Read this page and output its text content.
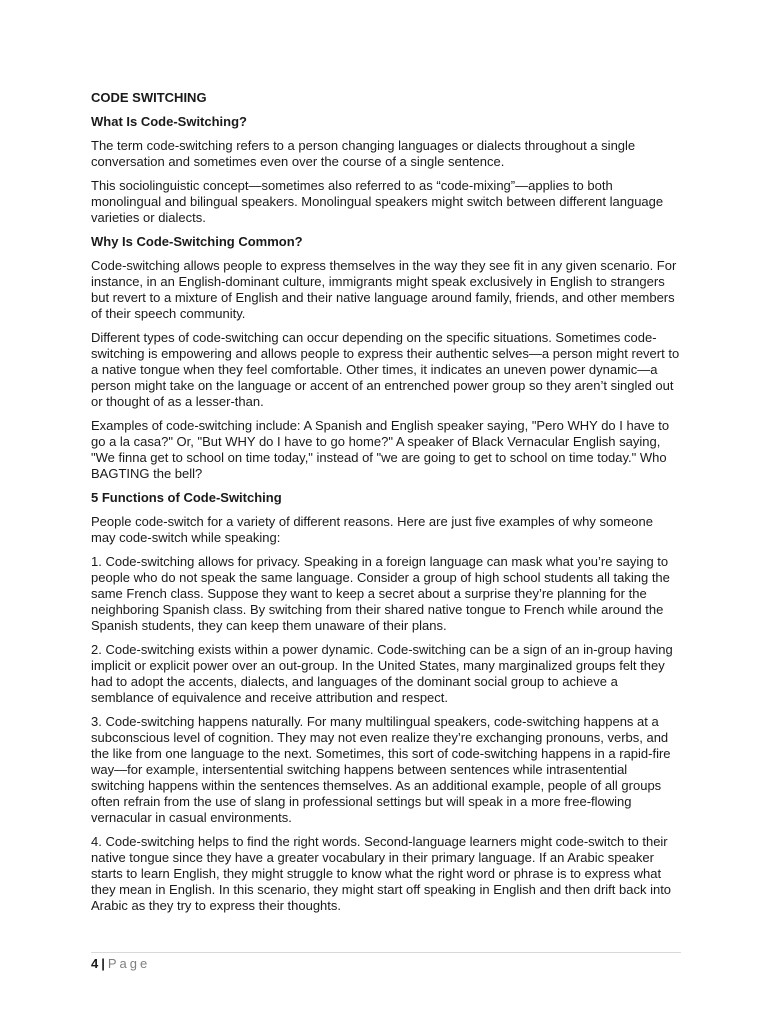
CODE SWITCHING
What Is Code-Switching?

The term code-switching refers to a person changing languages or dialects throughout a single conversation and sometimes even over the course of a single sentence.

This sociolinguistic concept—sometimes also referred to as “code-mixing”—applies to both monolingual and bilingual speakers. Monolingual speakers might switch between different language varieties or dialects.

Why Is Code-Switching Common?

Code-switching allows people to express themselves in the way they see fit in any given scenario. For instance, in an English-dominant culture, immigrants might speak exclusively in English to strangers but revert to a mixture of English and their native language around family, friends, and other members of their speech community.

Different types of code-switching can occur depending on the specific situations. Sometimes code-switching is empowering and allows people to express their authentic selves—a person might revert to a native tongue when they feel comfortable. Other times, it indicates an uneven power dynamic—a person might take on the language or accent of an entrenched power group so they aren’t singled out or thought of as a lesser-than.

Examples of code-switching include: A Spanish and English speaker saying, "Pero WHY do I have to go a la casa?" Or, "But WHY do I have to go home?" A speaker of Black Vernacular English saying, "We finna get to school on time today," instead of "we are going to get to school on time today." Who BAGTING the bell?

5 Functions of Code-Switching

People code-switch for a variety of different reasons. Here are just five examples of why someone may code-switch while speaking:

1. Code-switching allows for privacy. Speaking in a foreign language can mask what you’re saying to people who do not speak the same language. Consider a group of high school students all taking the same French class. Suppose they want to keep a secret about a surprise they’re planning for the neighboring Spanish class. By switching from their shared native tongue to French while around the Spanish students, they can keep them unaware of their plans.

2. Code-switching exists within a power dynamic. Code-switching can be a sign of an in-group having implicit or explicit power over an out-group. In the United States, many marginalized groups felt they had to adopt the accents, dialects, and languages of the dominant social group to achieve a semblance of equivalence and receive attribution and respect.

3. Code-switching happens naturally. For many multilingual speakers, code-switching happens at a subconscious level of cognition. They may not even realize they’re exchanging pronouns, verbs, and the like from one language to the next. Sometimes, this sort of code-switching happens in a rapid-fire way—for example, intersentential switching happens between sentences while intrasentential switching happens within the sentences themselves. As an additional example, people of all groups often refrain from the use of slang in professional settings but will speak in a more free-flowing vernacular in casual environments.

4. Code-switching helps to find the right words. Second-language learners might code-switch to their native tongue since they have a greater vocabulary in their primary language. If an Arabic speaker starts to learn English, they might struggle to know what the right word or phrase is to express what they mean in English. In this scenario, they might start off speaking in English and then drift back into Arabic as they try to express their thoughts.

4 | Page
